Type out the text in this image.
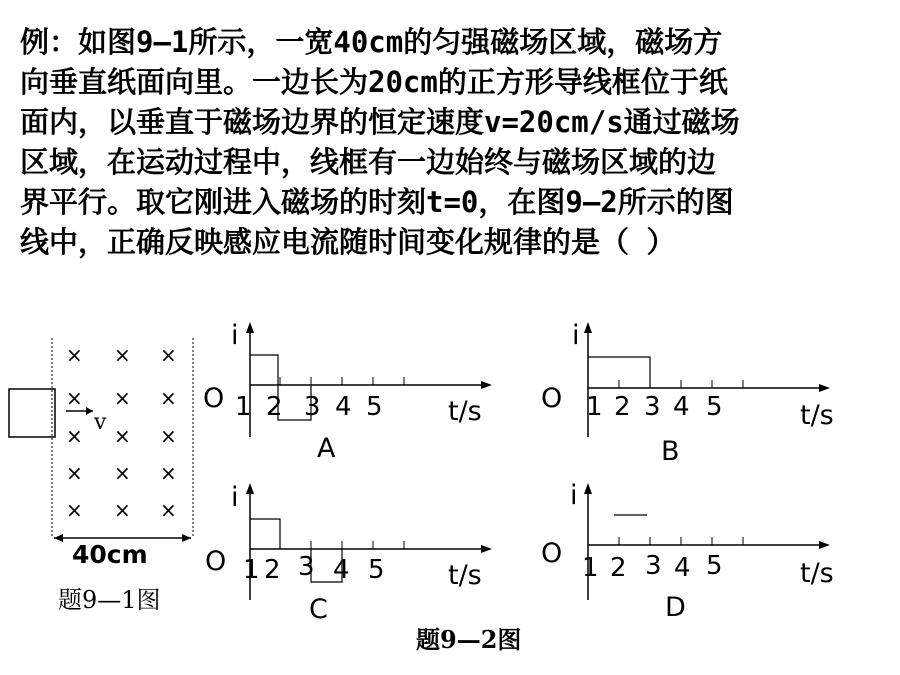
例：如图9—1所示，一宽40cm的匀强磁场区域，磁场方
向垂直纸面向里。一边长为20cm的正方形导线框位于纸
面内，以垂直于磁场边界的恒定速度v=20cm/s通过磁场
区域，在运动过程中，线框有一边始终与磁场区域的边
界平行。取它刚进入磁场的时刻t=0，在图9—2所示的图
线中，正确反映感应电流随时间变化规律的是（ ）
× × ×
× × ×
× × ×
× × ×
× × ×
v
40cm
题9—1图
i
O 1 2 3 4 5 t/s
A
i
O 1 2 3 4 5	t/s
B
i
O 1 2 3 4 5 t/s
C
i
O 1 2 3 4 5	t/s
D
题9—2图
